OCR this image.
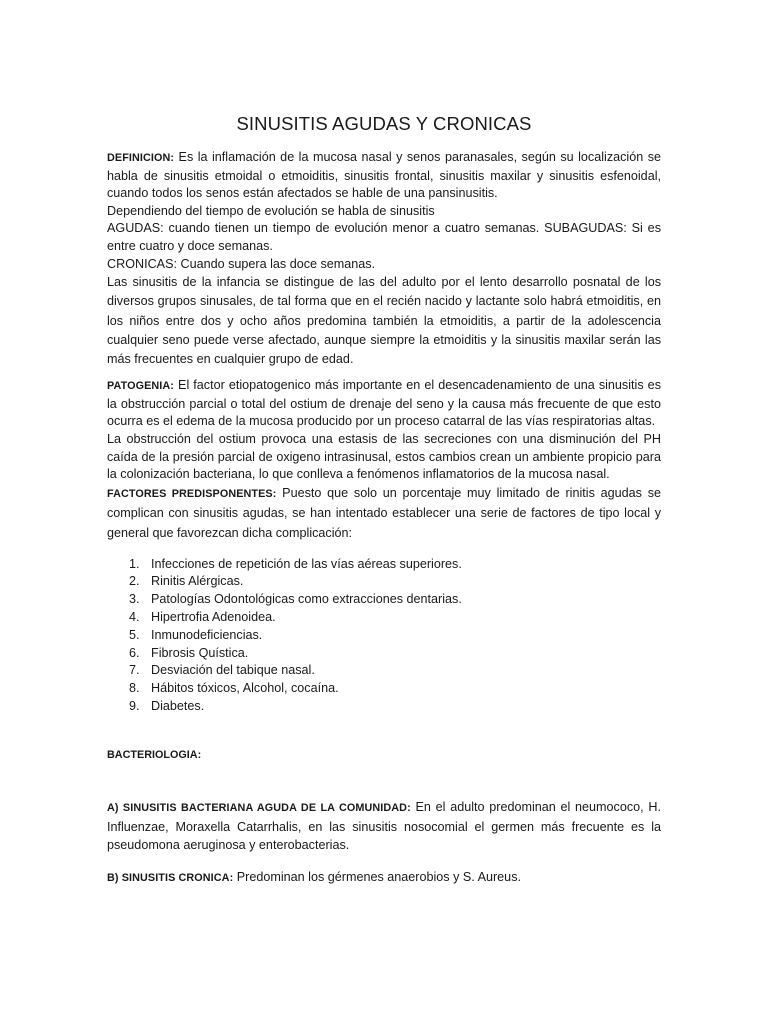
SINUSITIS AGUDAS Y CRONICAS

DEFINICION: Es la inflamación de la mucosa nasal y senos paranasales, según su localización se habla de sinusitis etmoidal o etmoiditis, sinusitis frontal, sinusitis maxilar y sinusitis esfenoidal, cuando todos los senos están afectados se hable de una pansinusitis.

Dependiendo del tiempo de evolución se habla de sinusitis

AGUDAS: cuando tienen un tiempo de evolución menor a cuatro semanas. SUBAGUDAS: Si es entre cuatro y doce semanas.

CRONICAS: Cuando supera las doce semanas.

Las sinusitis de la infancia se distingue de las del adulto por el lento desarrollo posnatal de los diversos grupos sinusales, de tal forma que en el recién nacido y lactante solo habrá etmoiditis, en los niños entre dos y ocho años predomina también la etmoiditis, a partir de la adolescencia cualquier seno puede verse afectado, aunque siempre la etmoiditis y la sinusitis maxilar serán las más frecuentes en cualquier grupo de edad.

PATOGENIA: El factor etiopatogenico más importante en el desencadenamiento de una sinusitis es la obstrucción parcial o total del ostium de drenaje del seno y la causa más frecuente de que esto ocurra es el edema de la mucosa producido por un proceso catarral de las vías respiratorias altas.

La obstrucción del ostium provoca una estasis de las secreciones con una disminución del PH caída de la presión parcial de oxigeno intrasinusal, estos cambios crean un ambiente propicio para la colonización bacteriana, lo que conlleva a fenómenos inflamatorios de la mucosa nasal.

FACTORES PREDISPONENTES: Puesto que solo un porcentaje muy limitado de rinitis agudas se complican con sinusitis agudas, se han intentado establecer una serie de factores de tipo local y general que favorezcan dicha complicación:

1. Infecciones de repetición de las vías aéreas superiores.
2. Rinitis Alérgicas.
3. Patologías Odontológicas como extracciones dentarias.
4. Hipertrofia Adenoidea.
5. Inmunodeficiencias.
6. Fibrosis Quística.
7. Desviación del tabique nasal.
8. Hábitos tóxicos, Alcohol, cocaína.
9. Diabetes.

BACTERIOLOGIA:

A) SINUSITIS BACTERIANA AGUDA DE LA COMUNIDAD: En el adulto predominan el neumococo, H. Influenzae, Moraxella Catarrhalis, en las sinusitis nosocomial el germen más frecuente es la pseudomona aeruginosa y enterobacterias.

B) SINUSITIS CRONICA: Predominan los gérmenes anaerobios y S. Aureus.
